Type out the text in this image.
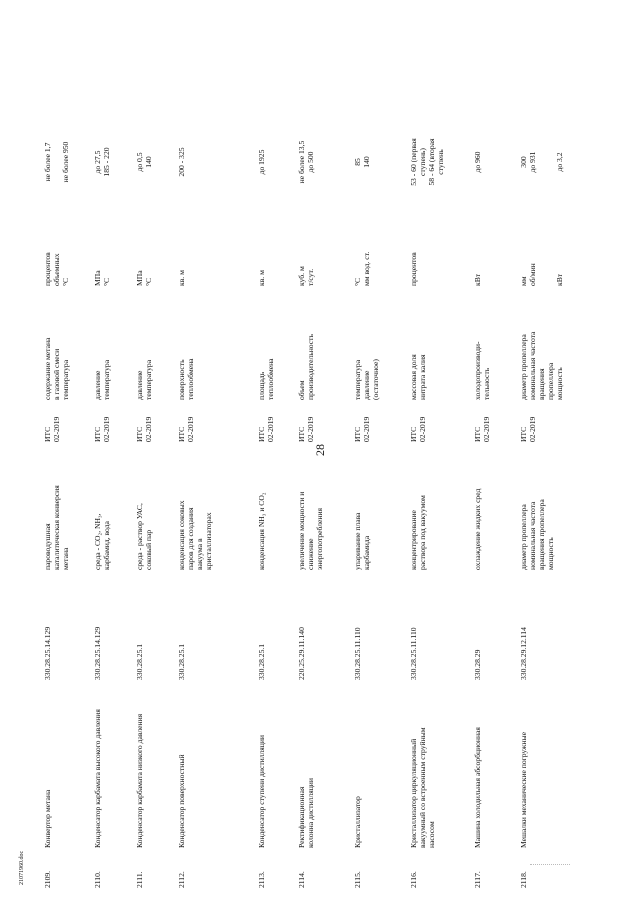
28
21071960.doc 2109.
Конвертор метана
330.28.25.14.129
пароводушная каталитическая конверсия метана
ИТС 02-2019
содержание метана в газовой смеси температура
процентов объемных °С
не более 1,7
не более 950
2110.
Конденсатор карбамата высокого давления
330.28.25.14.129
среда - CO₂, NH₃, карбамид, вода
ИТС 02-2019
давление температура
МПа °С
до 27,5 185 - 220
2111.
Конденсатор карбамата низкого давления
330.28.25.1
среда - раствор УАС, соковый пар
ИТС 02-2019
давление температура
МПа °С
до 0,5 140
2112.
Конденсатор поверхностный
330.28.25.1
конденсация соковых паров для создания вакуума в кристаллизаторах
ИТС 02-2019
поверхность теплообмена
кв. м
200 - 325
2113.
Конденсатор ступени дистилляции
330.28.25.1
конденсация NH₃ и CO₂
ИТС 02-2019
площадь теплообмена
кв. м
до 1925
2114.
Ректификационная колонна дистилляции
220.25.29.11.140
увеличение мощности и снижение энергопотребления
ИТС 02-2019
объем производительность
куб. м т/сут.
не более 13,5 до 500
2115.
Кристаллизатор
330.28.25.11.110
упаривание плава карбамида
ИТС 02-2019
температура давление (остаточное)
°С мм вод. ст.
85 140
2116.
Кристаллизатор циркуляционный вакуумный со встроенным струйным насосом
330.28.25.11.110
концентрирование раствора под вакуумом
ИТС 02-2019
массовая доля нитрата калия
процентов
53 - 60 (первая ступень) 58 - 64 (вторая ступень
2117.
Машина холодильная абсорбционная
330.28.29
охлаждение жидких сред
ИТС 02-2019
холодопроизводи- тельность
кВт
до 960
2118.
Мешалки механические погружные
330.28.29.12.114
диаметр пропеллера номинальная частота вращения пропеллера мощность
ИТС 02-2019
диаметр пропеллера номинальная частота вращения пропеллера мощность
мм об/мин

кВт
300 до 931

до 3,2
